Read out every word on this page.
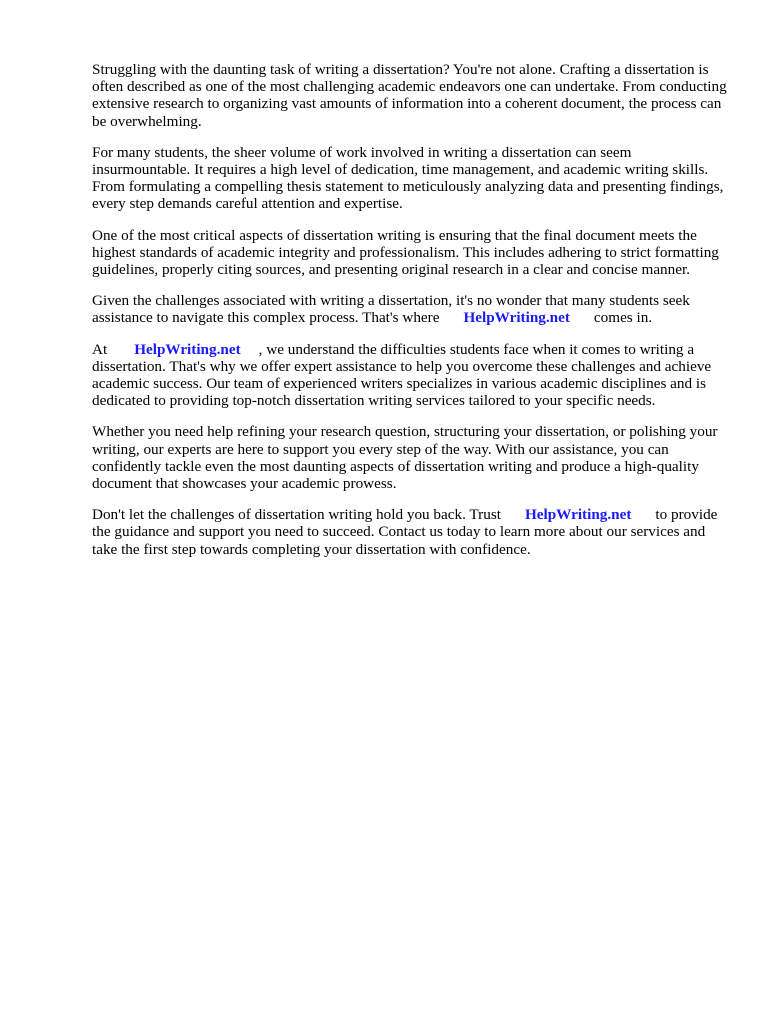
Struggling with the daunting task of writing a dissertation? You're not alone. Crafting a dissertation is often described as one of the most challenging academic endeavors one can undertake. From conducting extensive research to organizing vast amounts of information into a coherent document, the process can be overwhelming.

For many students, the sheer volume of work involved in writing a dissertation can seem insurmountable. It requires a high level of dedication, time management, and academic writing skills. From formulating a compelling thesis statement to meticulously analyzing data and presenting findings, every step demands careful attention and expertise.

One of the most critical aspects of dissertation writing is ensuring that the final document meets the highest standards of academic integrity and professionalism. This includes adhering to strict formatting guidelines, properly citing sources, and presenting original research in a clear and concise manner.

Given the challenges associated with writing a dissertation, it's no wonder that many students seek assistance to navigate this complex process. That's where HelpWriting.net comes in.

At HelpWriting.net , we understand the difficulties students face when it comes to writing a dissertation. That's why we offer expert assistance to help you overcome these challenges and achieve academic success. Our team of experienced writers specializes in various academic disciplines and is dedicated to providing top-notch dissertation writing services tailored to your specific needs.

Whether you need help refining your research question, structuring your dissertation, or polishing your writing, our experts are here to support you every step of the way. With our assistance, you can confidently tackle even the most daunting aspects of dissertation writing and produce a high-quality document that showcases your academic prowess.

Don't let the challenges of dissertation writing hold you back. Trust HelpWriting.net to provide the guidance and support you need to succeed. Contact us today to learn more about our services and take the first step towards completing your dissertation with confidence.
